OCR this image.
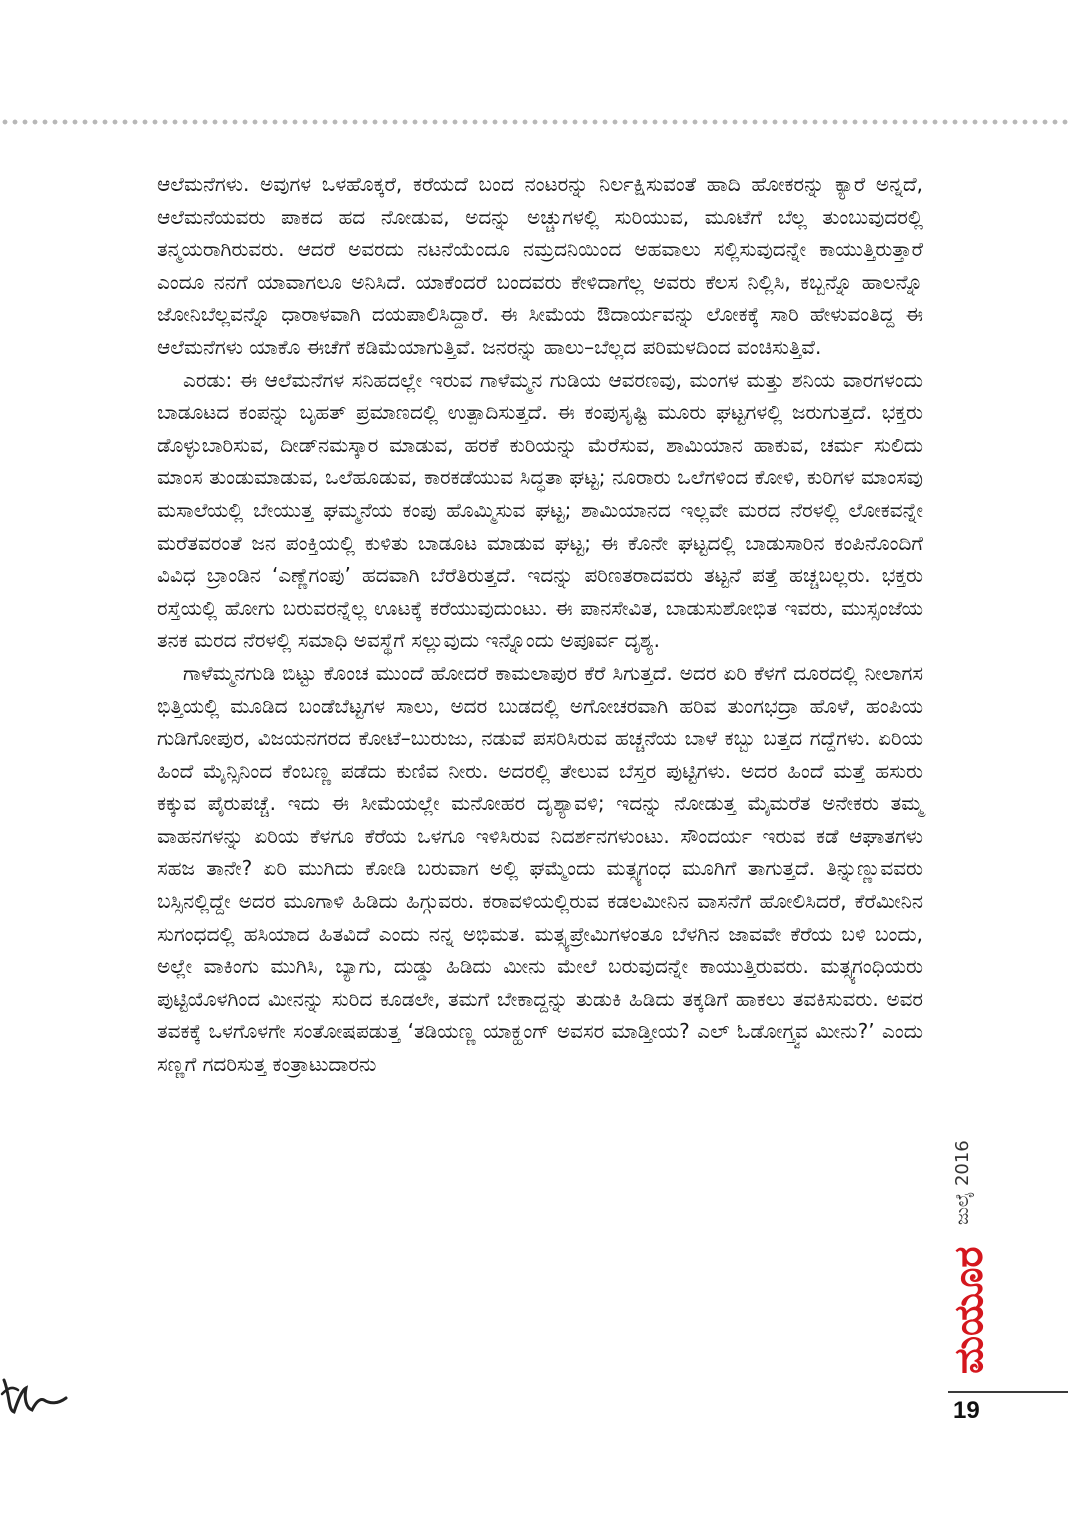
ಆಲೆಮನೆಗಳು. ಅವುಗಳ ಒಳಹೊಕ್ಕರೆ, ಕರೆಯದೆ ಬಂದ ನಂಟರನ್ನು ನಿರ್ಲಕ್ಷಿಸುವಂತೆ ಹಾದಿ ಹೋಕರನ್ನು ಕ್ಯಾರೆ ಅನ್ನದೆ, ಆಲೆಮನೆಯವರು ಪಾಕದ ಹದ ನೋಡುವ, ಅದನ್ನು ಅಚ್ಚುಗಳಲ್ಲಿ ಸುರಿಯುವ, ಮೂಟೆಗೆ ಬೆಲ್ಲ ತುಂಬುವುದರಲ್ಲಿ ತನ್ಮಯರಾಗಿರುವರು. ಆದರೆ ಅವರದು ನಟನೆಯೆಂದೂ ನಮ್ರದನಿಯಿಂದ ಅಹವಾಲು ಸಲ್ಲಿಸುವುದನ್ನೇ ಕಾಯುತ್ತಿರುತ್ತಾರೆ ಎಂದೂ ನನಗೆ ಯಾವಾಗಲೂ ಅನಿಸಿದೆ. ಯಾಕೆಂದರೆ ಬಂದವರು ಕೇಳಿದಾಗೆಲ್ಲ ಅವರು ಕೆಲಸ ನಿಲ್ಲಿಸಿ, ಕಬ್ಬನ್ನೊ ಹಾಲನ್ನೊ ಜೋನಿಬೆಲ್ಲವನ್ನೊ ಧಾರಾಳವಾಗಿ ದಯಪಾಲಿಸಿದ್ದಾರೆ. ಈ ಸೀಮೆಯ ಔದಾರ್ಯವನ್ನು ಲೋಕಕ್ಕೆ ಸಾರಿ ಹೇಳುವಂತಿದ್ದ ಈ ಆಲೆಮನೆಗಳು ಯಾಕೊ ಈಚೆಗೆ ಕಡಿಮೆಯಾಗುತ್ತಿವೆ. ಜನರನ್ನು ಹಾಲು–ಬೆಲ್ಲದ ಪರಿಮಳದಿಂದ ವಂಚಿಸುತ್ತಿವೆ.

ಎರಡು: ಈ ಆಲೆಮನೆಗಳ ಸನಿಹದಲ್ಲೇ ಇರುವ ಗಾಳೆಮ್ಮನ ಗುಡಿಯ ಆವರಣವು, ಮಂಗಳ ಮತ್ತು ಶನಿಯ ವಾರಗಳಂದು ಬಾಡೂಟದ ಕಂಪನ್ನು ಬೃಹತ್ ಪ್ರಮಾಣದಲ್ಲಿ ಉತ್ಪಾದಿಸುತ್ತದೆ. ಈ ಕಂಪುಸೃಷ್ಟಿ ಮೂರು ಘಟ್ಟಗಳಲ್ಲಿ ಜರುಗುತ್ತದೆ. ಭಕ್ತರು ಡೊಳ್ಳುಬಾರಿಸುವ, ದೀಡ್‌ನಮಸ್ಕಾರ ಮಾಡುವ, ಹರಕೆ ಕುರಿಯನ್ನು ಮೆರೆಸುವ, ಶಾಮಿಯಾನ ಹಾಕುವ, ಚರ್ಮ ಸುಲಿದು ಮಾಂಸ ತುಂಡುಮಾಡುವ, ಒಲೆಹೂಡುವ, ಕಾರಕಡೆಯುವ ಸಿದ್ಧತಾ ಘಟ್ಟ; ನೂರಾರು ಒಲೆಗಳಿಂದ ಕೋಳಿ, ಕುರಿಗಳ ಮಾಂಸವು ಮಸಾಲೆಯಲ್ಲಿ ಬೇಯುತ್ತ ಘಮ್ಮನೆಯ ಕಂಪು ಹೊಮ್ಮಿಸುವ ಘಟ್ಟ; ಶಾಮಿಯಾನದ ಇಲ್ಲವೇ ಮರದ ನೆರಳಲ್ಲಿ ಲೋಕವನ್ನೇ ಮರೆತವರಂತೆ ಜನ ಪಂಕ್ತಿಯಲ್ಲಿ ಕುಳಿತು ಬಾಡೂಟ ಮಾಡುವ ಘಟ್ಟ; ಈ ಕೊನೇ ಘಟ್ಟದಲ್ಲಿ ಬಾಡುಸಾರಿನ ಕಂಪಿನೊಂದಿಗೆ ವಿವಿಧ ಬ್ರಾಂಡಿನ ‘ಎಣ್ಣೆಗಂಪು’ ಹದವಾಗಿ ಬೆರೆತಿರುತ್ತದೆ. ಇದನ್ನು ಪರಿಣತರಾದವರು ತಟ್ಟನೆ ಪತ್ತೆ ಹಚ್ಚಬಲ್ಲರು. ಭಕ್ತರು ರಸ್ತೆಯಲ್ಲಿ ಹೋಗು ಬರುವರನ್ನೆಲ್ಲ ಊಟಕ್ಕೆ ಕರೆಯುವುದುಂಟು. ಈ ಪಾನಸೇವಿತ, ಬಾಡುಸುಶೋಭಿತ ಇವರು, ಮುಸ್ಸಂಜೆಯ ತನಕ ಮರದ ನೆರಳಲ್ಲಿ ಸಮಾಧಿ ಅವಸ್ಥೆಗೆ ಸಲ್ಲುವುದು ಇನ್ನೊಂದು ಅಪೂರ್ವ ದೃಶ್ಯ.

ಗಾಳೆಮ್ಮನಗುಡಿ ಬಿಟ್ಟು ಕೊಂಚ ಮುಂದೆ ಹೋದರೆ ಕಾಮಲಾಪುರ ಕೆರೆ ಸಿಗುತ್ತದೆ. ಅದರ ಏರಿ ಕೆಳಗೆ ದೂರದಲ್ಲಿ ನೀಲಾಗಸ ಭಿತ್ತಿಯಲ್ಲಿ ಮೂಡಿದ ಬಂಡೆಬೆಟ್ಟಗಳ ಸಾಲು, ಅದರ ಬುಡದಲ್ಲಿ ಅಗೋಚರವಾಗಿ ಹರಿವ ತುಂಗಭದ್ರಾ ಹೊಳೆ, ಹಂಪಿಯ ಗುಡಿಗೋಪುರ, ವಿಜಯನಗರದ ಕೋಟೆ–ಬುರುಜು, ನಡುವೆ ಪಸರಿಸಿರುವ ಹಚ್ಚನೆಯ ಬಾಳೆ ಕಬ್ಬು ಬತ್ತದ ಗದ್ದೆಗಳು. ಏರಿಯ ಹಿಂದೆ ಮೈನ್ಸಿನಿಂದ ಕೆಂಬಣ್ಣ ಪಡೆದು ಕುಣಿವ ನೀರು. ಅದರಲ್ಲಿ ತೇಲುವ ಬೆಸ್ತರ ಪುಟ್ಟಿಗಳು. ಅದರ ಹಿಂದೆ ಮತ್ತೆ ಹಸುರು ಕಕ್ಕುವ ಪೈರುಪಚ್ಚೆ. ಇದು ಈ ಸೀಮೆಯಲ್ಲೇ ಮನೋಹರ ದೃಶ್ಯಾವಳಿ; ಇದನ್ನು ನೋಡುತ್ತ ಮೈಮರೆತ ಅನೇಕರು ತಮ್ಮ ವಾಹನಗಳನ್ನು ಏರಿಯ ಕೆಳಗೂ ಕೆರೆಯ ಒಳಗೂ ಇಳಿಸಿರುವ ನಿದರ್ಶನಗಳುಂಟು. ಸೌಂದರ್ಯ ಇರುವ ಕಡೆ ಆಘಾತಗಳು ಸಹಜ ತಾನೇ? ಏರಿ ಮುಗಿದು ಕೋಡಿ ಬರುವಾಗ ಅಲ್ಲಿ ಘಮ್ಮೆಂದು ಮತ್ಸ್ಯಗಂಧ ಮೂಗಿಗೆ ತಾಗುತ್ತದೆ. ತಿನ್ನುಣ್ಣುವವರು ಬಸ್ಸಿನಲ್ಲಿದ್ದೇ ಅದರ ಮೂಗಾಳಿ ಹಿಡಿದು ಹಿಗ್ಗುವರು. ಕರಾವಳಿಯಲ್ಲಿರುವ ಕಡಲಮೀನಿನ ವಾಸನೆಗೆ ಹೋಲಿಸಿದರೆ, ಕೆರೆಮೀನಿನ ಸುಗಂಧದಲ್ಲಿ ಹಸಿಯಾದ ಹಿತವಿದೆ ಎಂದು ನನ್ನ ಅಭಿಮತ. ಮತ್ಸ್ಯಪ್ರೇಮಿಗಳಂತೂ ಬೆಳಗಿನ ಜಾವವೇ ಕೆರೆಯ ಬಳಿ ಬಂದು, ಅಲ್ಲೇ ವಾಕಿಂಗು ಮುಗಿಸಿ, ಬ್ಯಾಗು, ದುಡ್ಡು ಹಿಡಿದು ಮೀನು ಮೇಲೆ ಬರುವುದನ್ನೇ ಕಾಯುತ್ತಿರುವರು. ಮತ್ಸ್ಯಗಂಧಿಯರು ಪುಟ್ಟಿಯೊಳಗಿಂದ ಮೀನನ್ನು ಸುರಿದ ಕೂಡಲೇ, ತಮಗೆ ಬೇಕಾದ್ದನ್ನು ತುಡುಕಿ ಹಿಡಿದು ತಕ್ಕಡಿಗೆ ಹಾಕಲು ತವಕಿಸುವರು. ಅವರ ತವಕಕ್ಕೆ ಒಳಗೊಳಗೇ ಸಂತೋಷಪಡುತ್ತ ‘ತಡಿಯಣ್ಣ ಯಾಕ್ಹಂಗ್ ಅವಸರ ಮಾಡ್ತೀಯ? ಎಲ್ ಓಡೋಗ್ತ್ವವ ಮೀನು?’ ಎಂದು ಸಣ್ಣಗೆ ಗದರಿಸುತ್ತ ಕಂತ್ರಾಟುದಾರನು

ಜುಲೈ 2016
ಮಯೂರ
19
